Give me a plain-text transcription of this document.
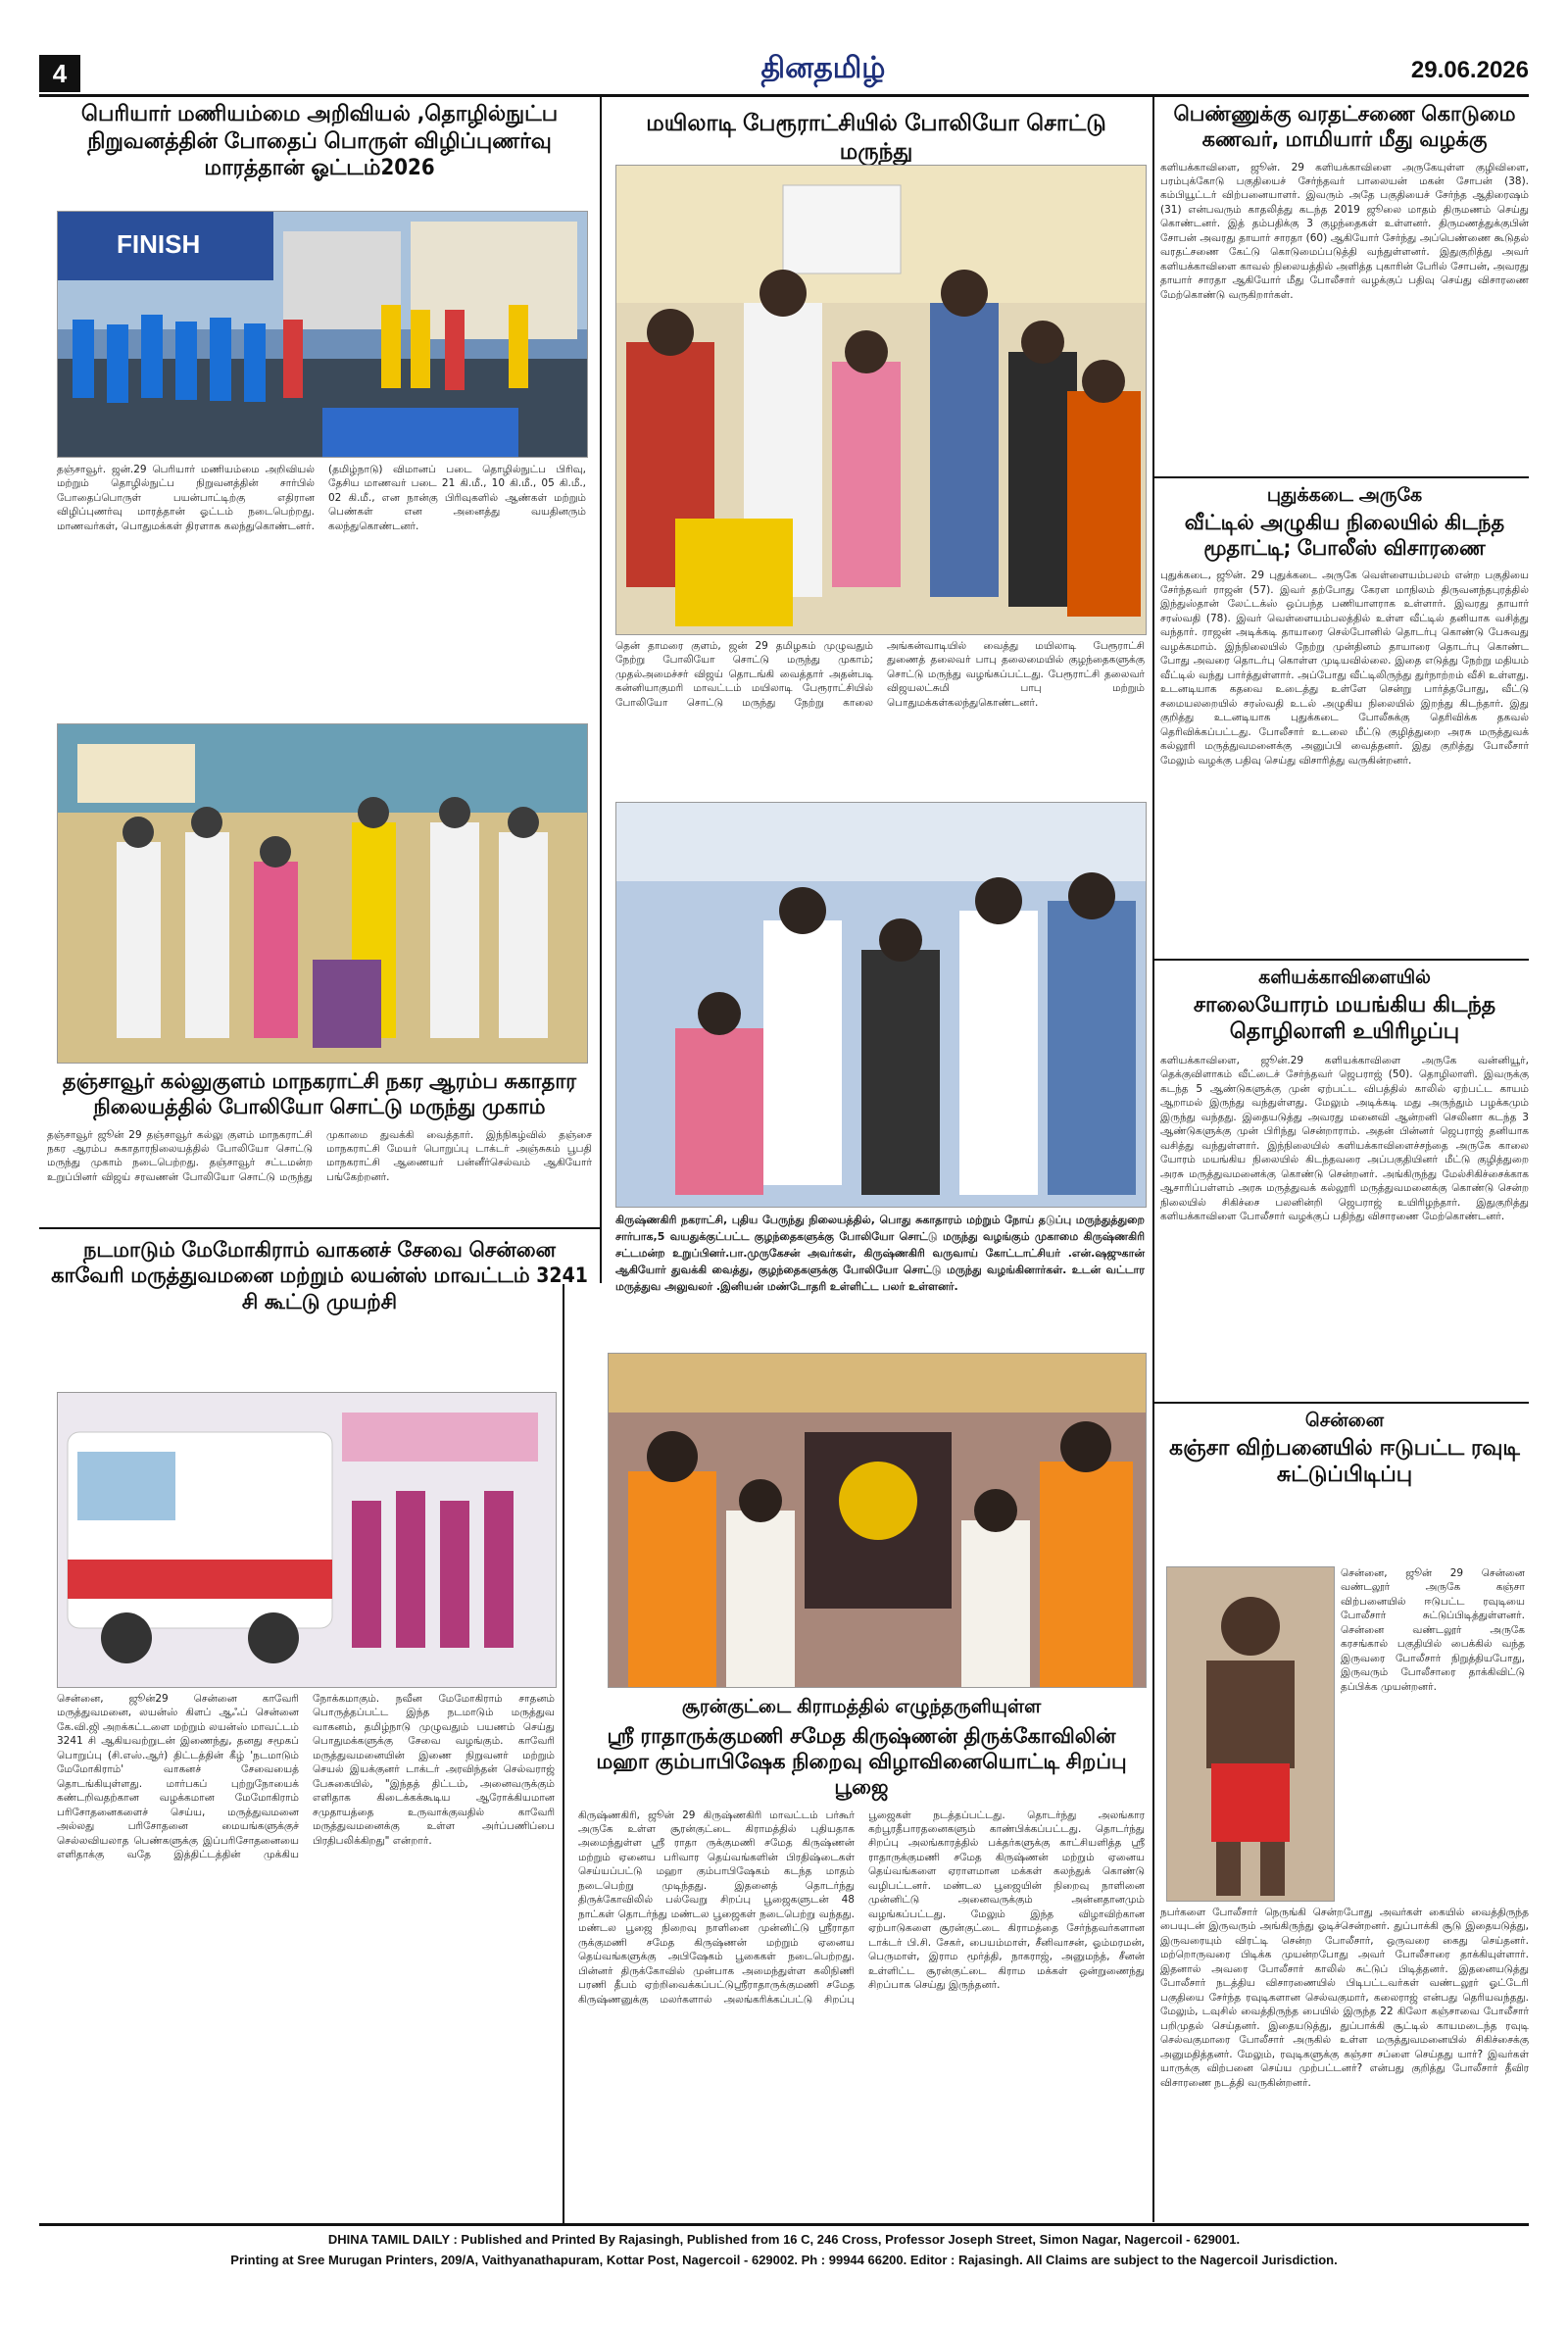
4	தினதமிழ்	29.06.2026

பெரியார் மணியம்மை அறிவியல் ,தொழில்நுட்ப நிறுவனத்தின் போதைப் பொருள் விழிப்புணர்வு மாரத்தான் ஓட்டம்2026

FINISH

தஞ்சாவூர். ஜன்.29 பெரியார் மணியம்மை அறிவியல் மற்றும் தொழில்நுட்ப நிறுவனத்தின் சார்பில் போதைப்பொருள் பயன்பாட்டிற்கு எதிரான விழிப்புணர்வு மாரத்தான் ஓட்டம் நடைபெற்றது. மாணவர்கள், பொதுமக்கள் திரளாக கலந்துகொண்டனர். (தமிழ்நாடு) விமானப் படை தொழில்நுட்ப பிரிவு, தேசிய மாணவர் படை 21 கி.மீ., 10 கி.மீ., 05 கி.மீ., 02 கி.மீ., என நான்கு பிரிவுகளில் ஆண்கள் மற்றும் பெண்கள் என அனைத்து வயதினரும் கலந்துகொண்டனர்.

தஞ்சாவூர் கல்லுகுளம் மாநகராட்சி நகர ஆரம்ப சுகாதார நிலையத்தில் போலியோ சொட்டு மருந்து முகாம்

தஞ்சாவூர் ஜூன் 29 தஞ்சாவூர் கல்லு குளம் மாநகராட்சி நகர ஆரம்ப சுகாதாரநிலையத்தில் போலியோ சொட்டு மருந்து முகாம் நடைபெற்றது. தஞ்சாவூர் சட்டமன்ற உறுப்பினர் விஜய் சரவணன் போலியோ சொட்டு மருந்து முகாமை துவக்கி வைத்தார். இந்நிகழ்வில் தஞ்சை மாநகராட்சி மேயர் பொறுப்பு டாக்டர் அஞ்சுகம் பூபதி மாநகராட்சி ஆணையர் பன்னீர்செல்வம் ஆகியோர் பங்கேற்றனர்.

நடமாடும் மேமோகிராம் வாகனச் சேவை சென்னை காவேரி மருத்துவமனை மற்றும் லயன்ஸ் மாவட்டம் 3241 சி கூட்டு முயற்சி

சென்னை, ஜூன்29 சென்னை காவேரி மருத்துவமனை, லயன்ஸ் கிளப் ஆஃப் சென்னை கே.வி.ஜி அறக்கட்டளை மற்றும் லயன்ஸ் மாவட்டம் 3241 சி ஆகியவற்றுடன் இணைந்து, தனது சமூகப் பொறுப்பு (சி.எஸ்.ஆர்) திட்டத்தின் கீழ் 'நடமாடும் மேமோகிராம்' வாகனச் சேவையைத் தொடங்கியுள்ளது. மார்பகப் புற்றுநோயைக் கண்டறிவதற்கான வழக்கமான மேமோகிராம் பரிசோதனைகளைச் செய்ய, மருத்துவமனை அல்லது பரிசோதனை மையங்களுக்குச் செல்லவியலாத பெண்களுக்கு இப்பரிசோதனையை எளிதாக்கு வதே இத்திட்டத்தின் முக்கிய நோக்கமாகும். நவீன மேமோகிராம் சாதனம் பொருத்தப்பட்ட இந்த நடமாடும் மருத்துவ வாகனம், தமிழ்நாடு முழுவதும் பயணம் செய்து பொதுமக்களுக்கு சேவை வழங்கும். காவேரி மருத்துவமனையின் இணை நிறுவனர் மற்றும் செயல் இயக்குனர் டாக்டர் அரவிந்தன் செல்வராஜ் பேசுகையில், "இந்தத் திட்டம், அனைவருக்கும் எளிதாக கிடைக்கக்கூடிய ஆரோக்கியமான சமுதாயத்தை உருவாக்குவதில் காவேரி மருத்துவமனைக்கு உள்ள அர்ப்பணிப்பை பிரதிபலிக்கிறது" என்றார்.

மயிலாடி பேரூராட்சியில் போலியோ சொட்டு மருந்து

தென் தாமரை குளம், ஜன் 29 தமிழகம் முழுவதும் நேற்று போலியோ சொட்டு மருந்து முகாம்; முதல்அமைச்சர் விஜய் தொடங்கி வைத்தார் அதன்படி கன்னியாகுமரி மாவட்டம் மயிலாடி பேரூராட்சியில் போலியோ சொட்டு மருந்து நேற்று காலை அங்கன்வாடியில் வைத்து மயிலாடி பேரூராட்சி துணைத் தலைவர் பாபு தலைமையில் குழந்தைகளுக்கு சொட்டு மருந்து வழங்கப்பட்டது. பேரூராட்சி தலைவர் விஜயலட்சுமி பாபு மற்றும் பொதுமக்கள்கலந்துகொண்டனர்.

கிருஷ்ணகிரி நகராட்சி, புதிய பேருந்து நிலையத்தில், பொது சுகாதாரம் மற்றும் நோய் தடுப்பு மருந்துத்துறை சார்பாக,5 வயதுக்குட்பட்ட குழந்தைகளுக்கு போலியோ சொட்டு மருந்து வழங்கும் முகாமை கிருஷ்ணகிரி சட்டமன்ற உறுப்பினர்.பா.முருகேசன் அவர்கள், கிருஷ்ணகிரி வருவாய் கோட்டாட்சியர் .என்.ஷஜுகான் ஆகியோர் துவக்கி வைத்து, குழந்தைகளுக்கு போலியோ சொட்டு மருந்து வழங்கினார்கள். உடன் வட்டார மருத்துவ அலுவலர் .இனியன் மண்டோதரி உள்ளிட்ட பலர் உள்ளனர்.

சூரன்குட்டை கிராமத்தில் எழுந்தருளியுள்ள

ஸ்ரீ ராதாருக்குமணி சமேத கிருஷ்ணன் திருக்கோவிலின் மஹா கும்பாபிஷேக நிறைவு விழாவினையொட்டி சிறப்பு பூஜை

கிருஷ்ணகிரி, ஜூன் 29 கிருஷ்ணகிரி மாவட்டம் பர்கூர் அருகே உள்ள சூரன்குட்டை கிராமத்தில் புதியதாக அமைந்துள்ள ஸ்ரீ ராதா ருக்குமணி சமேத கிருஷ்ணன் மற்றும் ஏனைய பரிவார தெய்வங்களின் பிரதிஷ்டைகள் செய்யப்பட்டு மஹா கும்பாபிஷேகம் கடந்த மாதம் நடைபெற்று முடிந்தது. இதனைத் தொடர்ந்து திருக்கோவிலில் பல்வேறு சிறப்பு பூஜைகளுடன் 48 நாட்கள் தொடர்ந்து மண்டல பூஜைகள் நடைபெற்று வந்தது. மண்டல பூஜை நிறைவு நாளினை முன்னிட்டு ஸ்ரீராதா ருக்குமணி சமேத கிருஷ்ணன் மற்றும் ஏனைய தெய்வங்களுக்கு அபிஷேகம் பூகைகள் நடைபெற்றது. பின்னர் திருக்கோவில் முன்பாக அமைந்துள்ள கலிநிணி பரணி தீபம் ஏற்றிவைக்கப்பட்டுஸ்ரீராதாருக்குமணி சமேத கிருஷ்ணனுக்கு மலர்களால் அலங்கரிக்கப்பட்டு சிறப்பு பூஜைகள் நடத்தப்பட்டது. தொடர்ந்து அலங்கார கற்பூரதீபாரதனைகளும் காண்பிக்கப்பட்டது. தொடர்ந்து சிறப்பு அலங்காரத்தில் பக்தர்களுக்கு காட்சியளித்த ஸ்ரீ ராதாருக்குமணி சமேத கிருஷ்ணன் மற்றும் ஏனைய தெய்வங்களை ஏராளமான மக்கள் கலந்துக் கொண்டு வழிபட்டனர். மண்டல பூஜையின் நிறைவு நாளினை முன்னிட்டு அனைவருக்கும் அன்னதானமும் வழங்கப்பட்டது. மேலும் இந்த விழாவிற்கான ஏற்பாடுகளை சூரன்குட்டை கிராமத்தை சேர்ந்தவர்களான டாக்டர் பி.சி. சேகர், பையம்மாள், சீனிவாசன், ஓம்மரமன், பெருமாள், இராம மூர்த்தி, நாகராஜ், அனுமந்த், சீனன் உள்ளிட்ட சூரன்குட்டை கிராம மக்கள் ஒன்றுணைந்து சிறப்பாக செய்து இருந்தனர்.

பெண்ணுக்கு வரதட்சணை கொடுமை கணவர், மாமியார் மீது வழக்கு

களியக்காவிளை, ஜூன். 29 களியக்காவிளை அருகேயுள்ள குழிவிளை, பரம்புக்கோடு பகுதியைச் சேர்ந்தவர் பாலையன் மகன் சோபன் (38). கம்பியூட்டர் விற்பனையாளர். இவரும் அதே பகுதியைச் சேர்ந்த ஆதிரைஷம் (31) என்பவரும் காதலித்து கடந்த 2019 ஜூலை மாதம் திருமணம் செய்து கொண்டனர். இத் தம்பதிக்கு 3 குழந்தைகள் உள்ளனர். திருமணத்துக்குபின் சோபன் அவரது தாயார் சாரதா (60) ஆகியோர் சேர்ந்து அப்பெண்ணை கூடுதல் வரதட்சணை கேட்டு கொடுமைப்படுத்தி வந்துள்ளனர். இதுகுறித்து அவர் களியக்காவிளை காவல் நிலையத்தில் அளித்த புகாரின் பேரில் சோபன், அவரது தாயார் சாரதா ஆகியோர் மீது போலீசார் வழக்குப் பதிவு செய்து விசாரணை மேற்கொண்டு வருகிறார்கள்.

புதுக்கடை அருகே

வீட்டில் அழுகிய நிலையில் கிடந்த மூதாட்டி; போலீஸ் விசாரணை

புதுக்கடை, ஜூன். 29 புதுக்கடை அருகே வெள்ளையம்பலம் என்ற பகுதியை சேர்ந்தவர் ராஜன் (57). இவர் தற்போது கேரள மாநிலம் திருவனந்தபுரத்தில் இந்துஸ்தான் லேட்டக்ஸ் ஒப்பந்த பணியாளராக உள்ளார். இவரது தாயார் சரஸ்வதி (78). இவர் வெள்ளையம்பலத்தில் உள்ள வீட்டில் தனியாக வசித்து வந்தார். ராஜன் அடிக்கடி தாயாரை செல்போனில் தொடர்பு கொண்டு பேசுவது வழக்கமாம். இந்நிலையில் நேற்று முன்தினம் தாயாரை தொடர்பு கொண்ட போது அவரை தொடர்பு கொள்ள முடியவில்லை. இதை எடுத்து நேற்று மதியம் வீட்டில் வந்து பார்த்துள்ளார். அப்போது வீட்டிலிருந்து துர்நாற்றம் வீசி உள்ளது. உடனடியாக கதவை உடைத்து உள்ளே சென்று பார்த்தபோது, வீட்டு சமையலறையில் சரஸ்வதி உடல் அழுகிய நிலையில் இறந்து கிடந்தார். இது குறித்து உடனடியாக புதுக்கடை போலீசுக்கு தெரிவிக்க தகவல் தெரிவிக்கப்பட்டது. போலீசார் உடலை மீட்டு குழித்துறை அரசு மருத்துவக் கல்லூரி மருத்துவமனைக்கு அனுப்பி வைத்தனர். இது குறித்து போலீசார் மேலும் வழக்கு பதிவு செய்து விசாரித்து வருகின்றனர்.

களியக்காவிளையில்

சாலையோரம் மயங்கிய கிடந்த தொழிலாளி உயிரிழப்பு

களியக்காவிளை, ஜூன்.29 களியக்காவிளை அருகே வன்னியூர், தெக்குவிளாகம் வீட்டைச் சேர்ந்தவர் ஜெபராஜ் (50). தொழிலாளி. இவருக்கு கடந்த 5 ஆண்டுகளுக்கு முன் ஏற்பட்ட விபத்தில் காலில் ஏற்பட்ட காயம் ஆறாமல் இருந்து வந்துள்ளது. மேலும் அடிக்கடி மது அருந்தும் பழக்கமும் இருந்து வந்தது. இதையடுத்து அவரது மனைவி ஆன்றனி செலினா கடந்த 3 ஆண்டுகளுக்கு முன் பிரிந்து சென்றாராம். அதன் பின்னர் ஜெபராஜ் தனியாக வசித்து வந்துள்ளார். இந்நிலையில் களியக்காவிளைச்சந்தை அருகே காலை யோரம் மயங்கிய நிலையில் கிடந்தவரை அப்பகுதியினர் மீட்டு குழித்துறை அரசு மருத்துவமனைக்கு கொண்டு சென்றனர். அங்கிருந்து மேல்சிகிச்சைக்காக ஆசாரிப்பள்ளம் அரசு மருத்துவக் கல்லூரி மருத்துவமனைக்கு கொண்டு சென்ற நிலையில் சிகிச்சை பலனின்றி ஜெபராஜ் உயிரிழந்தார். இதுகுறித்து களியக்காவிளை போலீசார் வழக்குப் பதிந்து விசாரணை மேற்கொண்டனர்.

சென்னை

கஞ்சா விற்பனையில் ஈடுபட்ட ரவுடி சுட்டுப்பிடிப்பு

சென்னை, ஜூன் 29 சென்னை வண்டலூர் அருகே கஞ்சா விற்பனையில் ஈடுபட்ட ரவுடியை போலீசார் சுட்டுப்பிடித்துள்ளனர். சென்னை வண்டலூர் அருகே கரசங்கால் பகுதியில் பைக்கில் வந்த இருவரை போலீசார் நிறுத்தியபோது, இருவரும் போலீசாரை தாக்கிவிட்டு தப்பிக்க முயன்றனர்.

நபர்களை போலீசார் நெருங்கி சென்றபோது அவர்கள் கையில் வைத்திருந்த பையுடன் இருவரும் அங்கிருந்து ஓடிச்சென்றனர். துப்பாக்கி சூடு இதையடுத்து, இருவரையும் விரட்டி சென்ற போலீசார், ஒருவரை கைது செய்தனர். மற்றொருவரை பிடிக்க முயன்றபோது அவர் போலீசாரை தாக்கியுள்ளார். இதனால் அவரை போலீசார் காலில் சுட்டுப் பிடித்தனர். இதனையடுத்து போலீசார் நடத்திய விசாரணையில் பிடிபட்டவர்கள் வண்டலூர் ஓட்டேரி பகுதியை சேர்ந்த ரவுடிகளான செல்வகுமார், கலைராஜ் என்பது தெரியவந்தது. மேலும், டவுசில் வைத்திருந்த பையில் இருந்த 22 கிலோ கஞ்சாவை போலீசார் பறிமுதல் செய்தனர். இதையடுத்து, துப்பாக்கி சூட்டில் காயமடைந்த ரவுடி செல்வகுமாரை போலீசார் அருகில் உள்ள மருத்துவமனையில் சிகிச்சைக்கு அனுமதித்தனர். மேலும், ரவுடிகளுக்கு கஞ்சா சப்ளை செய்தது யார்? இவர்கள் யாருக்கு விற்பனை செய்ய முற்பட்டனர்? என்பது குறித்து போலீசார் தீவிர விசாரணை நடத்தி வருகின்றனர்.

DHINA TAMIL DAILY : Published and Printed By Rajasingh, Published from 16 C, 246 Cross, Professor Joseph Street, Simon Nagar, Nagercoil - 629001.
Printing at Sree Murugan Printers, 209/A, Vaithyanathapuram, Kottar Post, Nagercoil - 629002. Ph : 99944 66200. Editor : Rajasingh. All Claims are subject to the Nagercoil Jurisdiction.
